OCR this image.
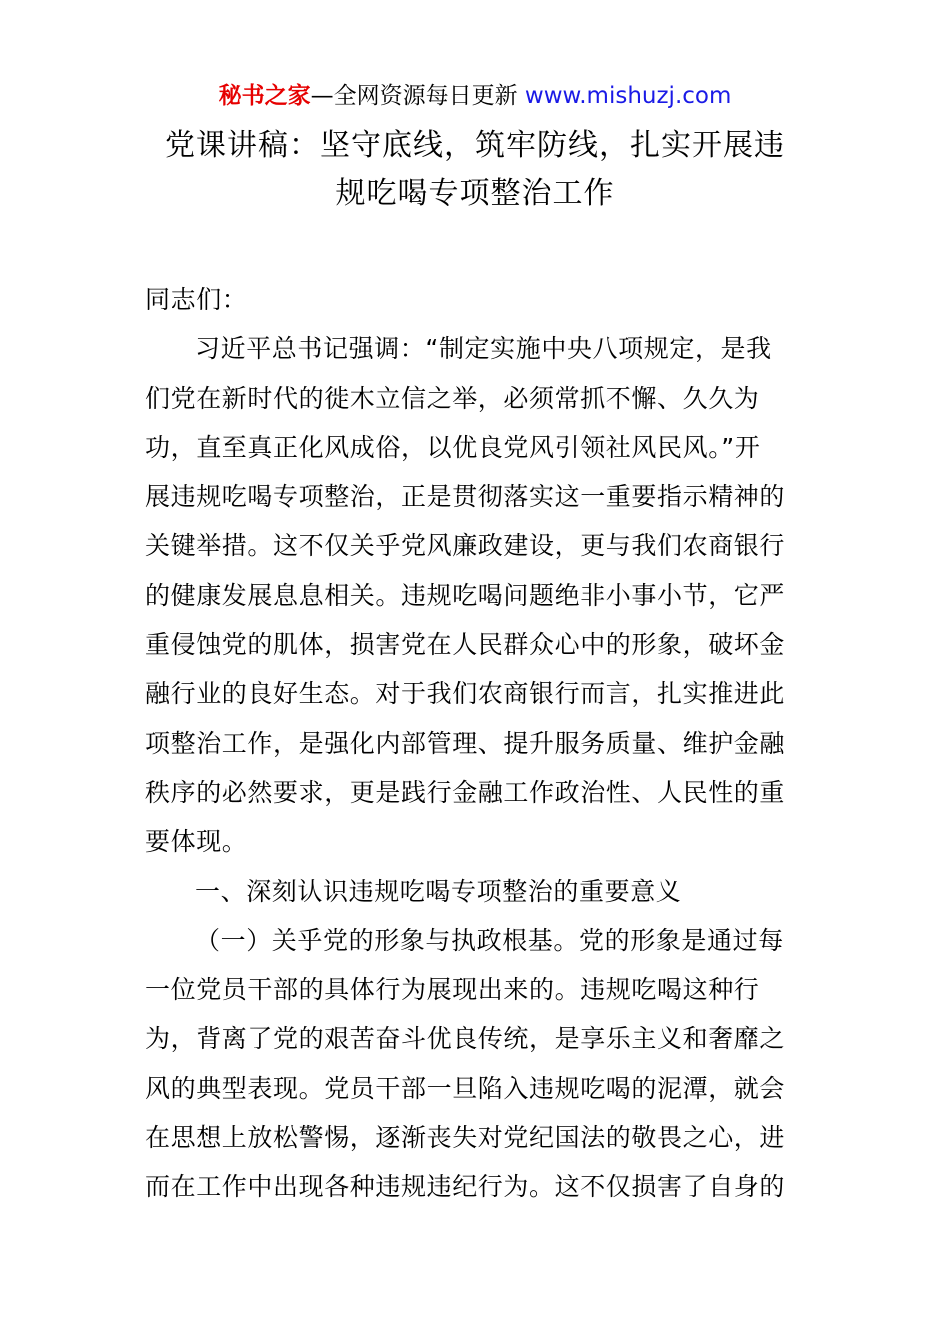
秘书之家—全网资源每日更新 www.mishuzj.com
党课讲稿：坚守底线，筑牢防线，扎实开展违
规吃喝专项整治工作
同志们：
习近平总书记强调：“制定实施中央八项规定，是我
们党在新时代的徙木立信之举，必须常抓不懈、久久为
功，直至真正化风成俗，以优良党风引领社风民风。”开
展违规吃喝专项整治，正是贯彻落实这一重要指示精神的
关键举措。这不仅关乎党风廉政建设，更与我们农商银行
的健康发展息息相关。违规吃喝问题绝非小事小节，它严
重侵蚀党的肌体，损害党在人民群众心中的形象，破坏金
融行业的良好生态。对于我们农商银行而言，扎实推进此
项整治工作，是强化内部管理、提升服务质量、维护金融
秩序的必然要求，更是践行金融工作政治性、人民性的重
要体现。
一、深刻认识违规吃喝专项整治的重要意义
（一）关乎党的形象与执政根基。党的形象是通过每
一位党员干部的具体行为展现出来的。违规吃喝这种行
为，背离了党的艰苦奋斗优良传统，是享乐主义和奢靡之
风的典型表现。党员干部一旦陷入违规吃喝的泥潭，就会
在思想上放松警惕，逐渐丧失对党纪国法的敬畏之心，进
而在工作中出现各种违规违纪行为。这不仅损害了自身的
